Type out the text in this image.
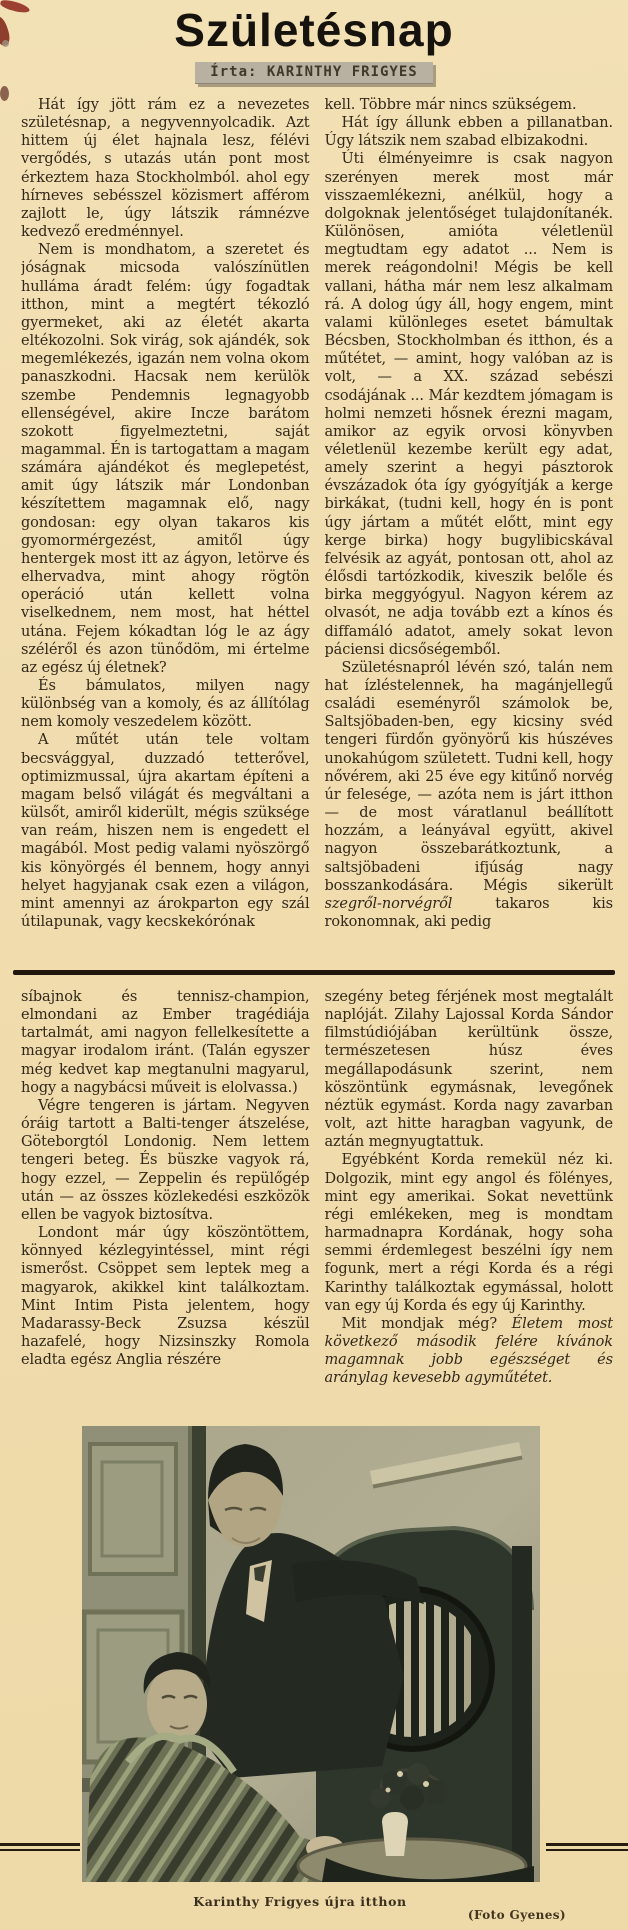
Születésnap
Írta: KARINTHY FRIGYES

Hát így jött rám ez a nevezetes születésnap, a negyvennyolcadik. Azt hittem új élet hajnala lesz, félévi vergődés, s utazás után pont most érkeztem haza Stockholmból. ahol egy hírneves sebésszel közismert afférom zajlott le, úgy látszik rámnézve kedvező eredménnyel.

Nem is mondhatom, a szeretet és jóságnak micsoda valószínütlen hulláma áradt felém: úgy fogadtak itthon, mint a megtért tékozló gyermeket, aki az életét akarta eltékozolni. Sok virág, sok ajándék, sok megemlékezés, igazán nem volna okom panaszkodni. Hacsak nem kerülök szembe Pendemnis legnagyobb ellenségével, akire Incze barátom szokott figyelmeztetni, saját magammal. Én is tartogattam a magam számára ajándékot és meglepetést, amit úgy látszik már Londonban készítettem magamnak elő, nagy gondosan: egy olyan takaros kis gyomormérgezést, amitől úgy hentergek most itt az ágyon, letörve és elhervadva, mint ahogy rögtön operáció után kellett volna viselkednem, nem most, hat héttel utána. Fejem kókadtan lóg le az ágy széléről és azon tünődöm, mi értelme az egész új életnek?

És bámulatos, milyen nagy különbség van a komoly, és az állítólag nem komoly veszedelem között.

A műtét után tele voltam becsvággyal, duzzadó tetterővel, optimizmussal, újra akartam építeni a magam belső világát és megváltani a külsőt, amiről kiderült, mégis szüksége van reám, hiszen nem is engedett el magából. Most pedig valami nyöszörgő kis könyörgés él bennem, hogy annyi helyet hagyjanak csak ezen a világon, mint amennyi az árokparton egy szál útilapunak, vagy kecskekórónak

kell. Többre már nincs szükségem.

Hát így állunk ebben a pillanatban. Úgy látszik nem szabad elbizakodni.

Úti élményeimre is csak nagyon szerényen merek most már visszaemlékezni, anélkül, hogy a dolgoknak jelentőséget tulajdonítanék. Különösen, amióta véletlenül megtudtam egy adatot ... Nem is merek reágondolni! Mégis be kell vallani, hátha már nem lesz alkalmam rá. A dolog úgy áll, hogy engem, mint valami különleges esetet bámultak Bécsben, Stockholmban és itthon, és a műtétet, — amint, hogy valóban az is volt, — a XX. század sebészi csodájának ... Már kezdtem jómagam is holmi nemzeti hősnek érezni magam, amikor az egyik orvosi könyvben véletlenül kezembe került egy adat, amely szerint a hegyi pásztorok évszázadok óta így gyógyítják a kerge birkákat, (tudni kell, hogy én is pont úgy jártam a műtét előtt, mint egy kerge birka) hogy bugylibicskával felvésik az agyát, pontosan ott, ahol az élősdi tartózkodik, kiveszik belőle és birka meggyógyul. Nagyon kérem az olvasót, ne adja tovább ezt a kínos és diffamáló adatot, amely sokat levon páciensi dicsőségemből.

Születésnapról lévén szó, talán nem hat ízléstelennek, ha magánjellegű családi eseményről számolok be, Saltsjöbaden-ben, egy kicsiny svéd tengeri fürdőn gyönyörű kis húszéves unokahúgom született. Tudni kell, hogy nővérem, aki 25 éve egy kitűnő norvég úr felesége, — azóta nem is járt itthon — de most váratlanul beállított hozzám, a leányával együtt, akivel nagyon összebarátkoztunk, a saltsjöbadeni ifjúság nagy bosszankodására. Mégis sikerült szegről-norvégről takaros kis rokonomnak, aki pedig

síbajnok és tennisz-champion, elmondani az Ember tragédiája tartalmát, ami nagyon fellelkesítette a magyar irodalom iránt. (Talán egyszer még kedvet kap megtanulni magyarul, hogy a nagybácsi műveit is elolvassa.)

Végre tengeren is jártam. Negyven óráig tartott a Balti-tenger átszelése, Göteborgtól Londonig. Nem lettem tengeri beteg. És büszke vagyok rá, hogy ezzel, — Zeppelin és repülőgép után — az összes közlekedési eszközök ellen be vagyok biztosítva.

Londont már úgy köszöntöttem, könnyed kézlegyintéssel, mint régi ismerőst. Csöppet sem leptek meg a magyarok, akikkel kint találkoztam. Mint Intim Pista jelentem, hogy Madarassy-Beck Zsuzsa készül hazafelé, hogy Nizsinszky Romola eladta egész Anglia részére

szegény beteg férjének most megtalált naplóját. Zilahy Lajossal Korda Sándor filmstúdiójában kerültünk össze, természetesen húsz éves megállapodásunk szerint, nem köszöntünk egymásnak, levegőnek néztük egymást. Korda nagy zavarban volt, azt hitte haragban vagyunk, de aztán megnyugtattuk.

Egyébként Korda remekül néz ki. Dolgozik, mint egy angol és fölényes, mint egy amerikai. Sokat nevettünk régi emlékeken, meg is mondtam harmadnapra Kordának, hogy soha semmi érdemlegest beszélni így nem fogunk, mert a régi Korda és a régi Karinthy találkoztak egymással, holott van egy új Korda és egy új Karinthy.

Mit mondjak még? Életem most következő második felére kívánok magamnak jobb egészséget és aránylag kevesebb agyműtétet.

Karinthy Frigyes újra itthon
(Foto Gyenes)
